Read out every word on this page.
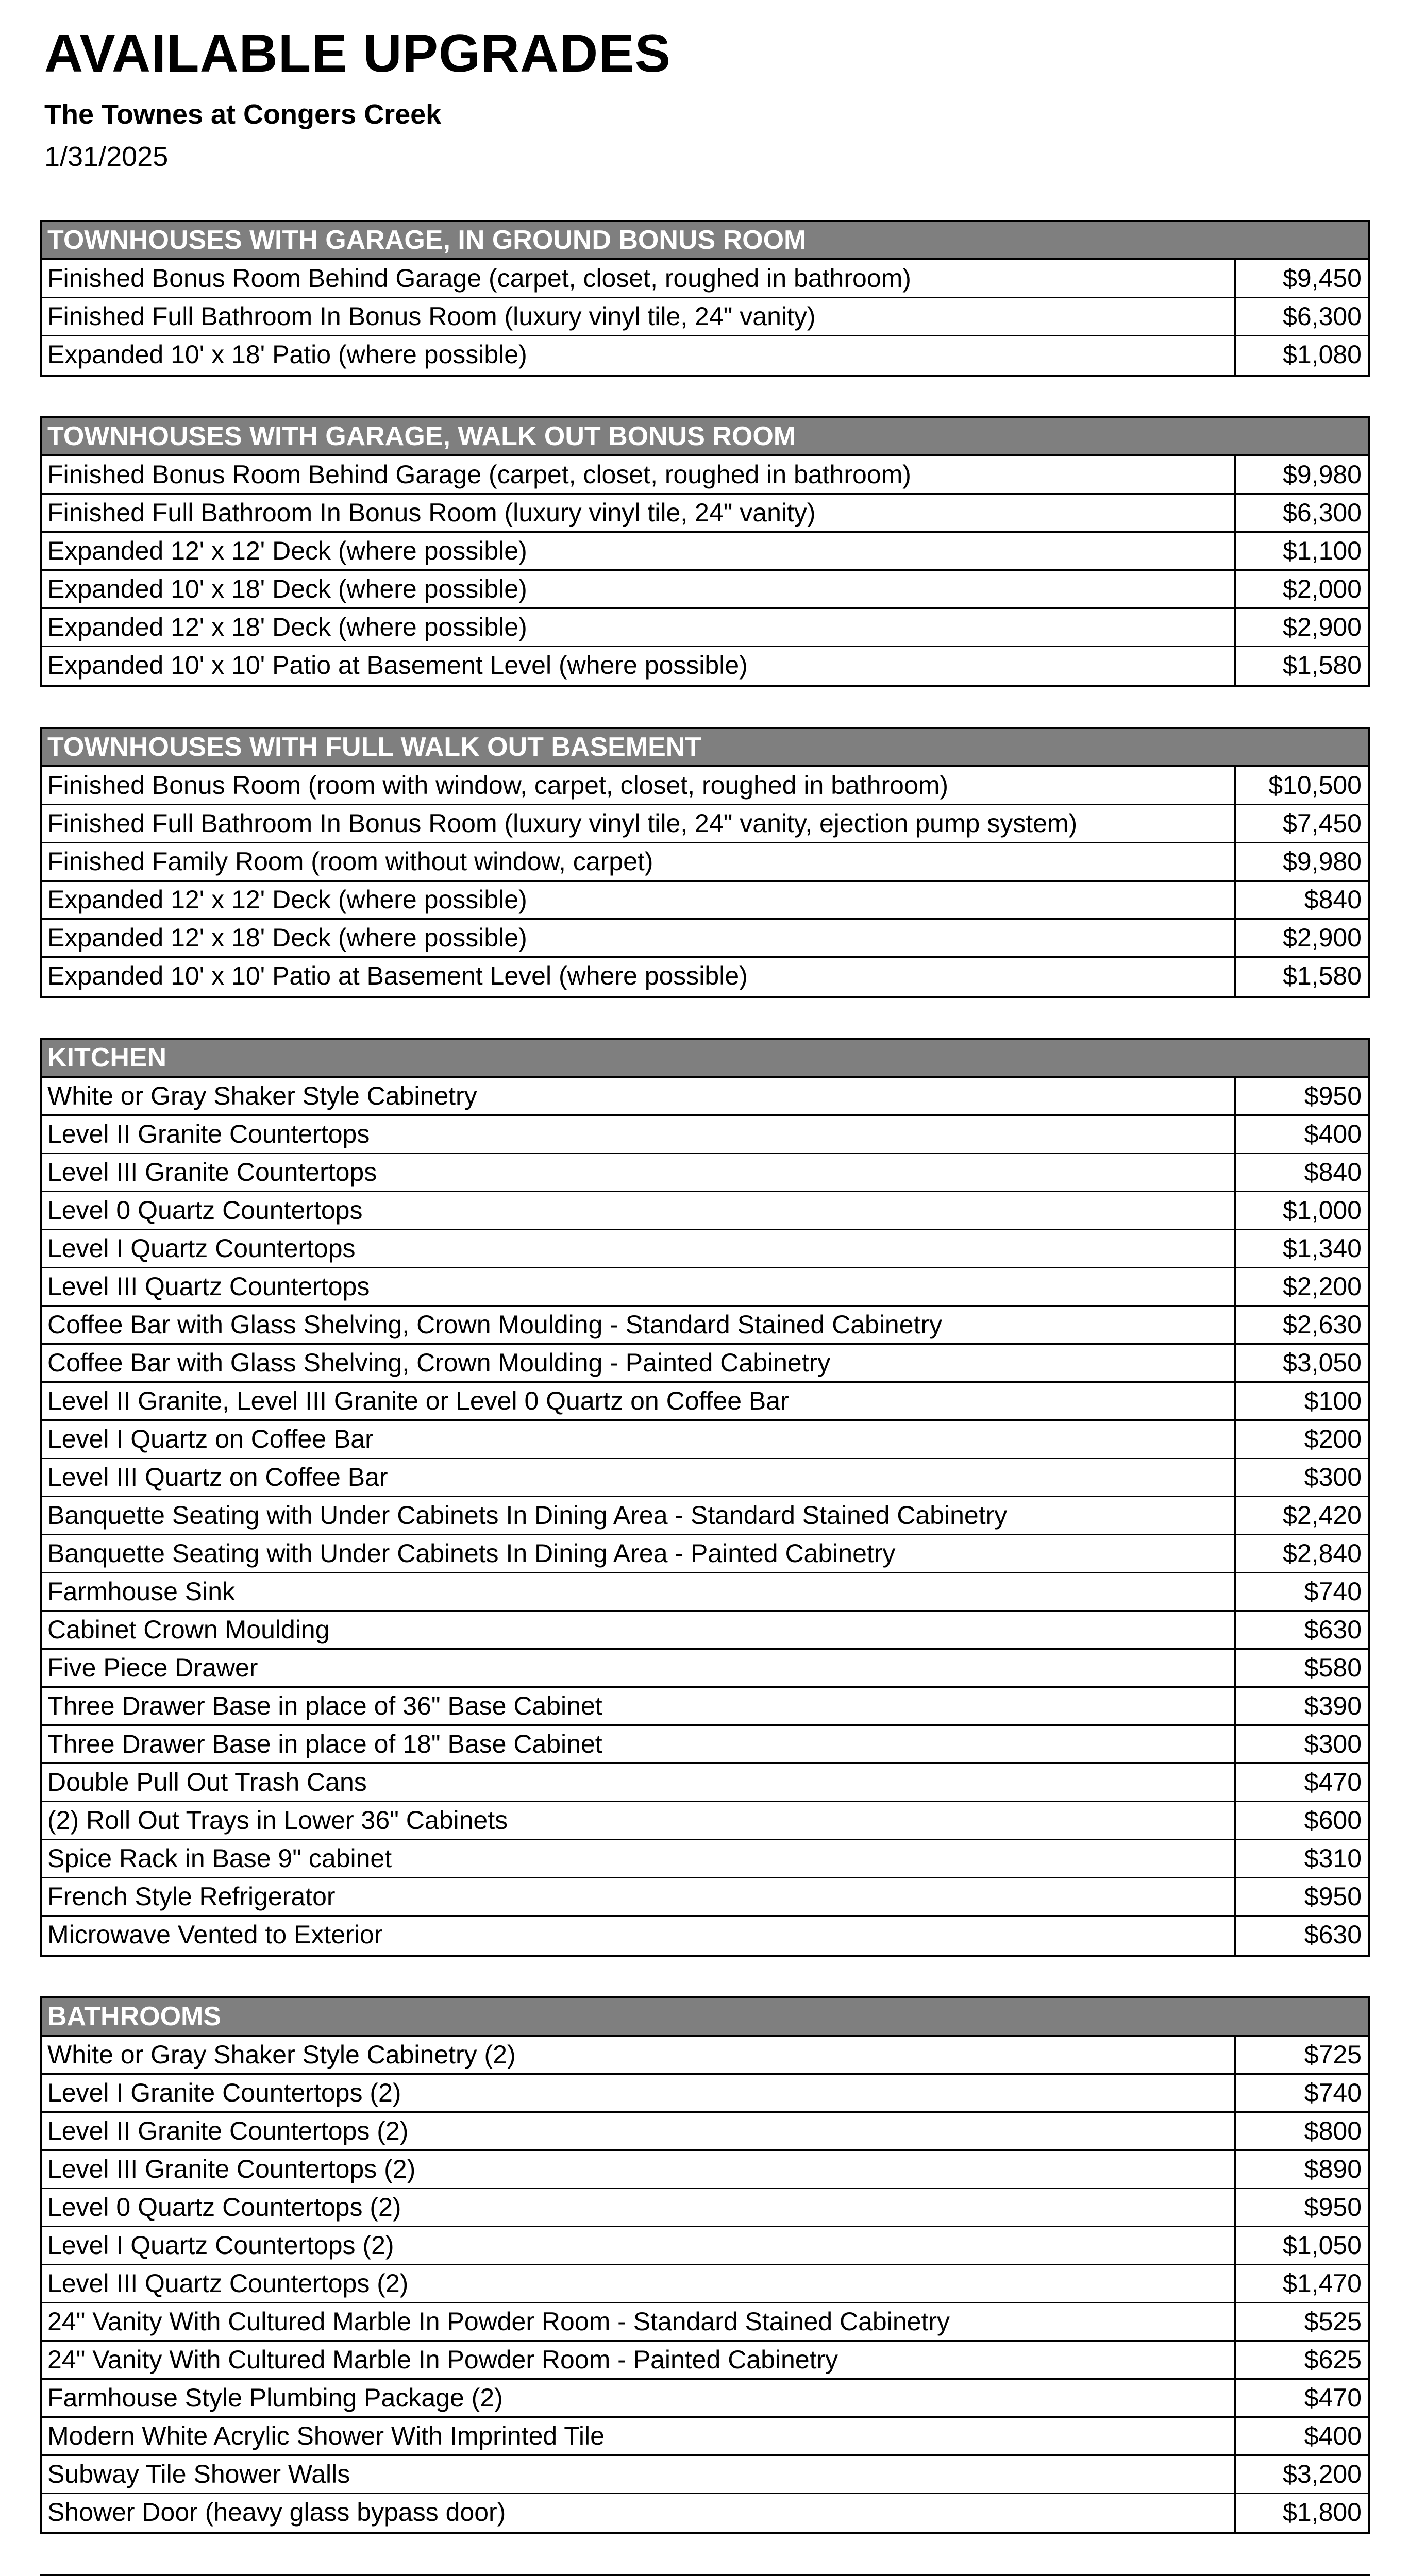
AVAILABLE UPGRADES
The Townes at Congers Creek
1/31/2025
TOWNHOUSES WITH GARAGE, IN GROUND BONUS ROOM
Finished Bonus Room Behind Garage (carpet, closet, roughed in bathroom)	$9,450
Finished Full Bathroom In Bonus Room (luxury vinyl tile, 24" vanity)	$6,300
Expanded 10' x 18' Patio (where possible)	$1,080
TOWNHOUSES WITH GARAGE, WALK OUT BONUS ROOM
Finished Bonus Room Behind Garage (carpet, closet, roughed in bathroom)	$9,980
Finished Full Bathroom In Bonus Room (luxury vinyl tile, 24" vanity)	$6,300
Expanded 12' x 12' Deck (where possible)	$1,100
Expanded 10' x 18' Deck (where possible)	$2,000
Expanded 12' x 18' Deck (where possible)	$2,900
Expanded 10' x 10' Patio at Basement Level (where possible)	$1,580
TOWNHOUSES WITH FULL WALK OUT BASEMENT
Finished Bonus Room (room with window, carpet, closet, roughed in bathroom)	$10,500
Finished Full Bathroom In Bonus Room (luxury vinyl tile, 24" vanity, ejection pump system)	$7,450
Finished Family Room (room without window, carpet)	$9,980
Expanded 12' x 12' Deck (where possible)	$840
Expanded 12' x 18' Deck (where possible)	$2,900
Expanded 10' x 10' Patio at Basement Level (where possible)	$1,580
KITCHEN
White or Gray Shaker Style Cabinetry	$950
Level II Granite Countertops	$400
Level III Granite Countertops	$840
Level 0 Quartz Countertops	$1,000
Level I Quartz Countertops	$1,340
Level III Quartz Countertops	$2,200
Coffee Bar with Glass Shelving, Crown Moulding - Standard Stained Cabinetry	$2,630
Coffee Bar with Glass Shelving, Crown Moulding - Painted Cabinetry	$3,050
Level II Granite, Level III Granite or Level 0 Quartz on Coffee Bar	$100
Level I Quartz on Coffee Bar	$200
Level III Quartz on Coffee Bar	$300
Banquette Seating with Under Cabinets In Dining Area - Standard Stained Cabinetry	$2,420
Banquette Seating with Under Cabinets In Dining Area - Painted Cabinetry	$2,840
Farmhouse Sink	$740
Cabinet Crown Moulding	$630
Five Piece Drawer	$580
Three Drawer Base in place of 36" Base Cabinet	$390
Three Drawer Base in place of 18" Base Cabinet	$300
Double Pull Out Trash Cans	$470
(2) Roll Out Trays in Lower 36" Cabinets	$600
Spice Rack in Base 9" cabinet	$310
French Style Refrigerator	$950
Microwave Vented to Exterior	$630
BATHROOMS
White or Gray Shaker Style Cabinetry (2)	$725
Level I Granite Countertops (2)	$740
Level II Granite Countertops (2)	$800
Level III Granite Countertops (2)	$890
Level 0 Quartz Countertops (2)	$950
Level I Quartz Countertops (2)	$1,050
Level III Quartz Countertops (2)	$1,470
24" Vanity With Cultured Marble In Powder Room - Standard Stained Cabinetry	$525
24" Vanity With Cultured Marble In Powder Room - Painted Cabinetry	$625
Farmhouse Style Plumbing Package (2)	$470
Modern White Acrylic Shower With Imprinted Tile	$400
Subway Tile Shower Walls	$3,200
Shower Door (heavy glass bypass door)	$1,800
